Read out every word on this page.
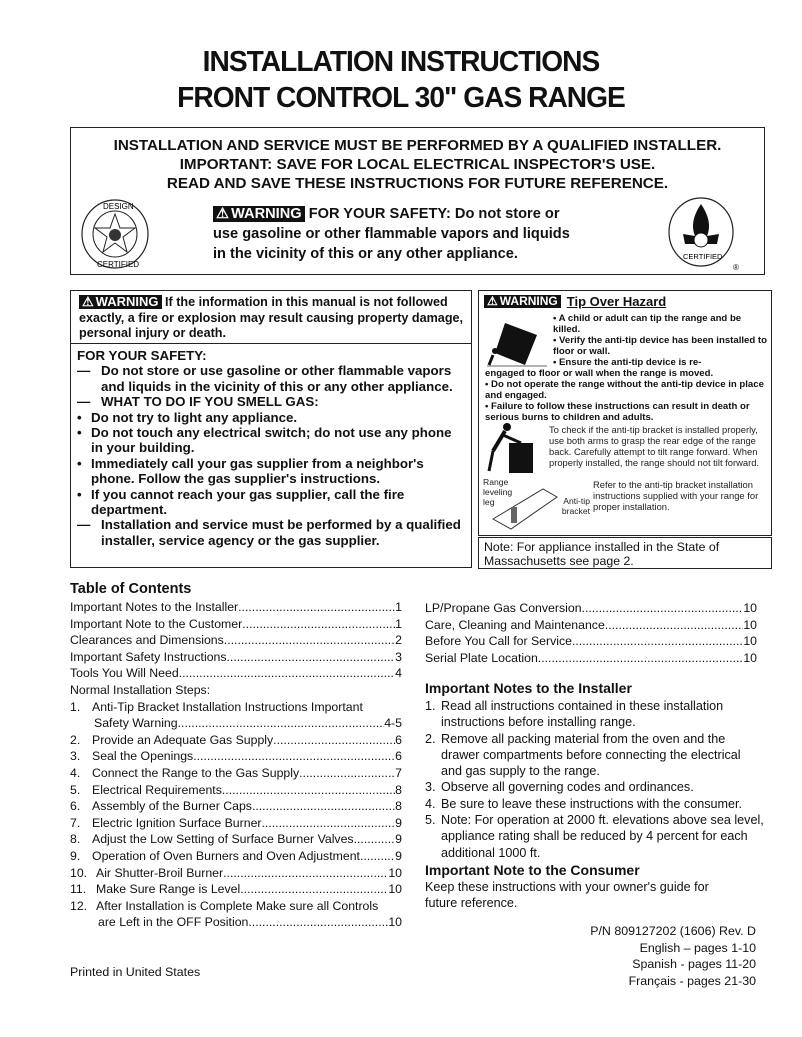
INSTALLATION INSTRUCTIONS
FRONT CONTROL 30" GAS RANGE
INSTALLATION AND SERVICE MUST BE PERFORMED BY A QUALIFIED INSTALLER.
IMPORTANT: SAVE FOR LOCAL ELECTRICAL INSPECTOR'S USE.
READ AND SAVE THESE INSTRUCTIONS FOR FUTURE REFERENCE.
DESIGN
CERTIFIED
⚠ WARNING FOR YOUR SAFETY: Do not store or
use gasoline or other flammable vapors and liquids
in the vicinity of this or any other appliance.	CERTIFIED
®
⚠ WARNING If the information in this manual is not followed exactly, a fire or explosion may result causing property damage, personal injury or death.
FOR YOUR SAFETY:
— Do not store or use gasoline or other flammable vapors and liquids in the vicinity of this or any other appliance.
— WHAT TO DO IF YOU SMELL GAS:
• Do not try to light any appliance.
• Do not touch any electrical switch; do not use any phone in your building.
• Immediately call your gas supplier from a neighbor's phone. Follow the gas supplier's instructions.
• If you cannot reach your gas supplier, call the fire department.
— Installation and service must be performed by a qualified installer, service agency or the gas supplier.
⚠ WARNING Tip Over Hazard
• A child or adult can tip the range and be killed.
• Verify the anti-tip device has been installed to floor or wall.
• Ensure the anti-tip device is re-
engaged to floor or wall when the range is moved.
• Do not operate the range without the anti-tip device in place and engaged.
• Failure to follow these instructions can result in death or serious burns to children and adults.
To check if the anti-tip bracket is installed properly, use both arms to grasp the rear edge of the range back. Carefully attempt to tilt range forward. When properly installed, the range should not tilt forward.
Range leveling leg	Anti-tip bracket
Refer to the anti-tip bracket installation instructions supplied with your range for proper installation.
Note: For appliance installed in the State of Massachusetts see page 2.
Table of Contents
Important Notes to the Installer .....	1
Important Note to the Customer .....	1
Clearances and Dimensions .....	2
Important Safety Instructions .....	3
Tools You Will Need .....	4
Normal Installation Steps:
1. Anti-Tip Bracket Installation Instructions Important
Safety Warning .....	4-5
2. Provide an Adequate Gas Supply .....	6
3. Seal the Openings .....	6
4. Connect the Range to the Gas Supply .....	7
5. Electrical Requirements .....	8
6. Assembly of the Burner Caps .....	8
7. Electric Ignition Surface Burner .....	9
8. Adjust the Low Setting of Surface Burner Valves .....	9
9. Operation of Oven Burners and Oven Adjustment .....	9
10. Air Shutter-Broil Burner .....	10
11. Make Sure Range is Level .....	10
12. After Installation is Complete Make sure all Controls
are Left in the OFF Position .....	10
LP/Propane Gas Conversion .....	10
Care, Cleaning and Maintenance .....	10
Before You Call for Service .....	10
Serial Plate Location .....	10
Important Notes to the Installer
1. Read all instructions contained in these installation instructions before installing range.
2. Remove all packing material from the oven and the drawer compartments before connecting the electrical and gas supply to the range.
3. Observe all governing codes and ordinances.
4. Be sure to leave these instructions with the consumer.
5. Note: For operation at 2000 ft. elevations above sea level, appliance rating shall be reduced by 4 percent for each additional 1000 ft.
Important Note to the Consumer
Keep these instructions with your owner's guide for future reference.
P/N 809127202 (1606) Rev. D
English – pages 1-10
Spanish - pages 11-20
Français - pages 21-30
Printed in United States
